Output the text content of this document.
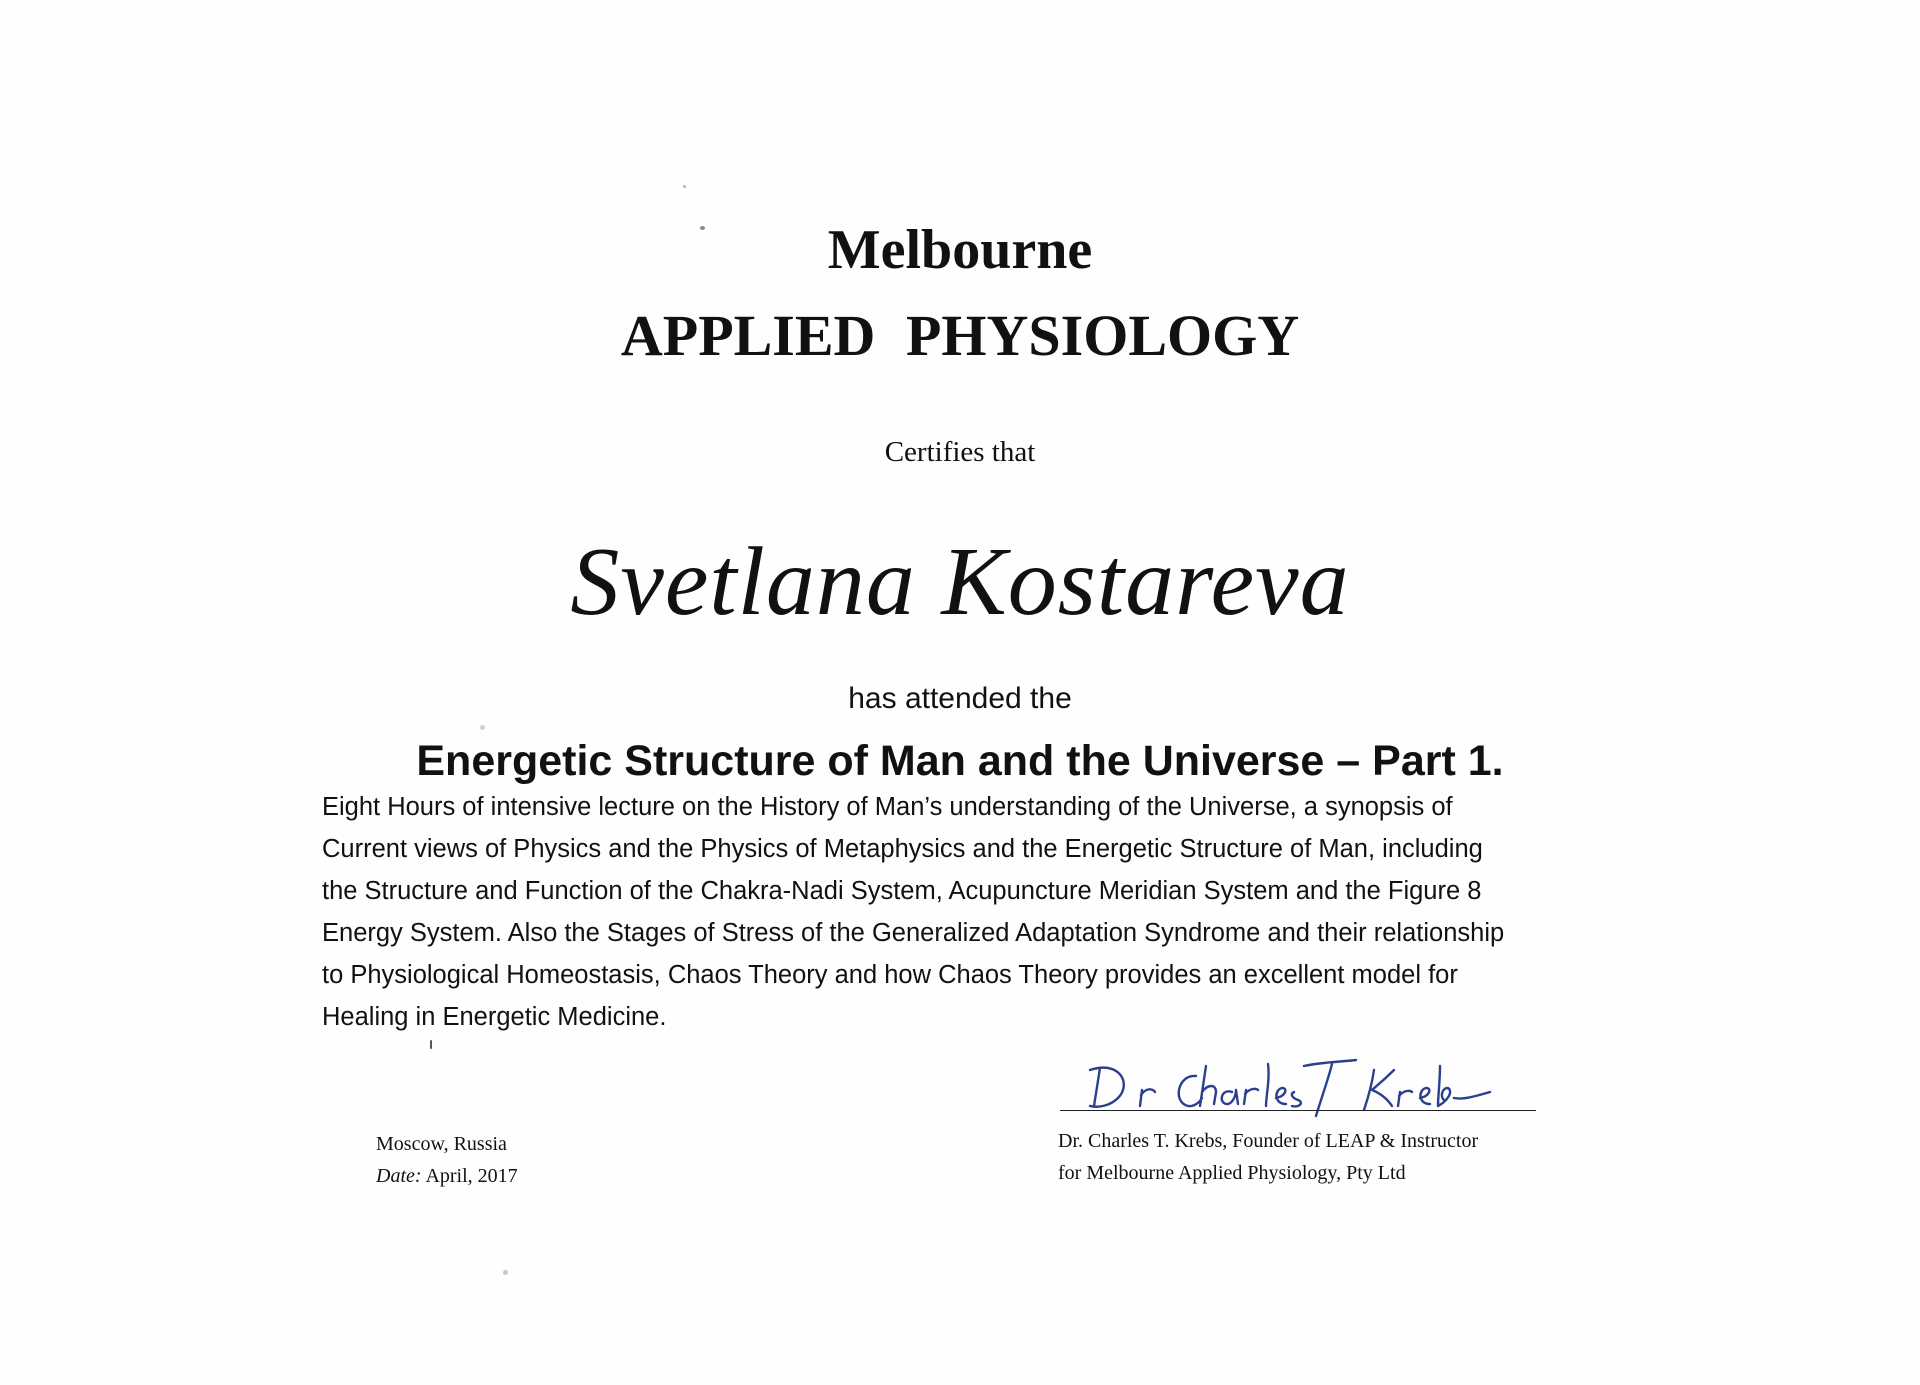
Melbourne
APPLIED PHYSIOLOGY
Certifies that
Svetlana Kostareva
has attended the
Energetic Structure of Man and the Universe – Part 1.
Eight Hours of intensive lecture on the History of Man’s understanding of the Universe, a synopsis of
Current views of Physics and the Physics of Metaphysics and the Energetic Structure of Man, including
the Structure and Function of the Chakra-Nadi System, Acupuncture Meridian System and the Figure 8
Energy System. Also the Stages of Stress of the Generalized Adaptation Syndrome and their relationship
to Physiological Homeostasis, Chaos Theory and how Chaos Theory provides an excellent model for
Healing in Energetic Medicine.
Moscow, Russia
Date: April, 2017
Dr. Charles T. Krebs, Founder of LEAP & Instructor
for Melbourne Applied Physiology, Pty Ltd
